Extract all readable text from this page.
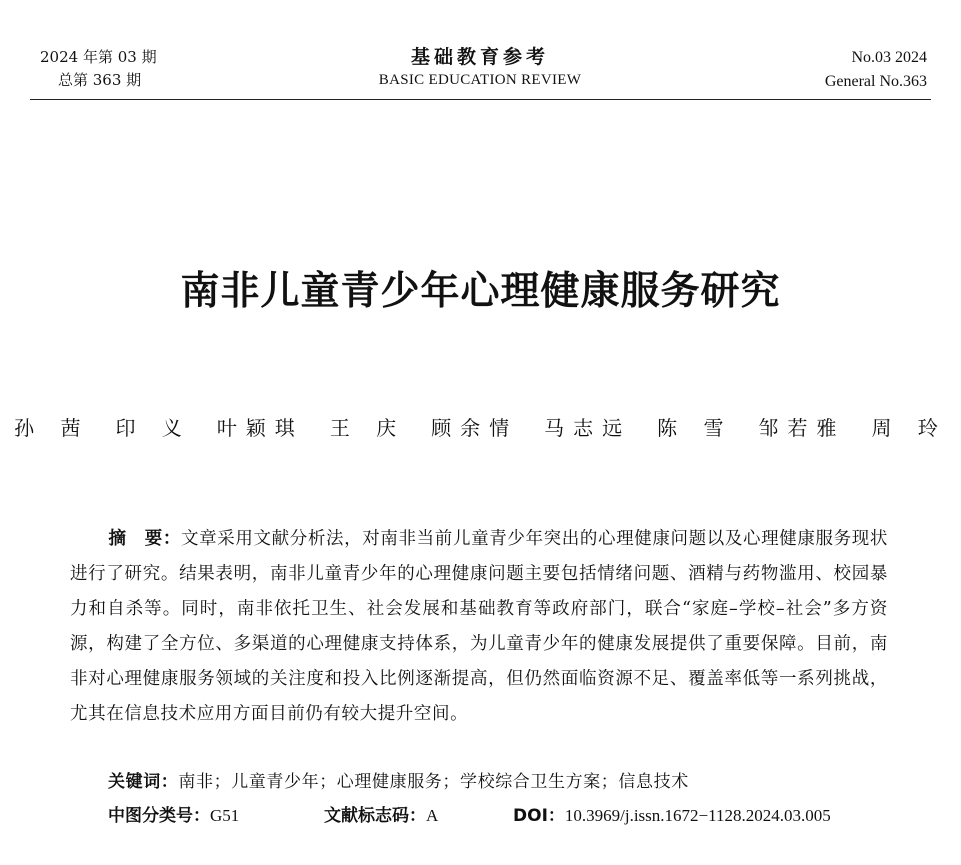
2024 年第 03 期
总第 363 期
基础教育参考
BASIC EDUCATION REVIEW
No.03 2024
General No.363
南非儿童青少年心理健康服务研究
孙 茜 印 义 叶颖琪 王 庆 顾余情 马志远 陈 雪 邹若雅 周 玲
摘　要：文章采用文献分析法，对南非当前儿童青少年突出的心理健康问题以及心理健康服务现状进行了研究。结果表明，南非儿童青少年的心理健康问题主要包括情绪问题、酒精与药物滥用、校园暴力和自杀等。同时，南非依托卫生、社会发展和基础教育等政府部门，联合“家庭–学校–社会”多方资源，构建了全方位、多渠道的心理健康支持体系，为儿童青少年的健康发展提供了重要保障。目前，南非对心理健康服务领域的关注度和投入比例逐渐提高，但仍然面临资源不足、覆盖率低等一系列挑战，尤其在信息技术应用方面目前仍有较大提升空间。
关键词：南非；儿童青少年；心理健康服务；学校综合卫生方案；信息技术
中图分类号：G51	文献标志码：A	DOI：10.3969/j.issn.1672−1128.2024.03.005
